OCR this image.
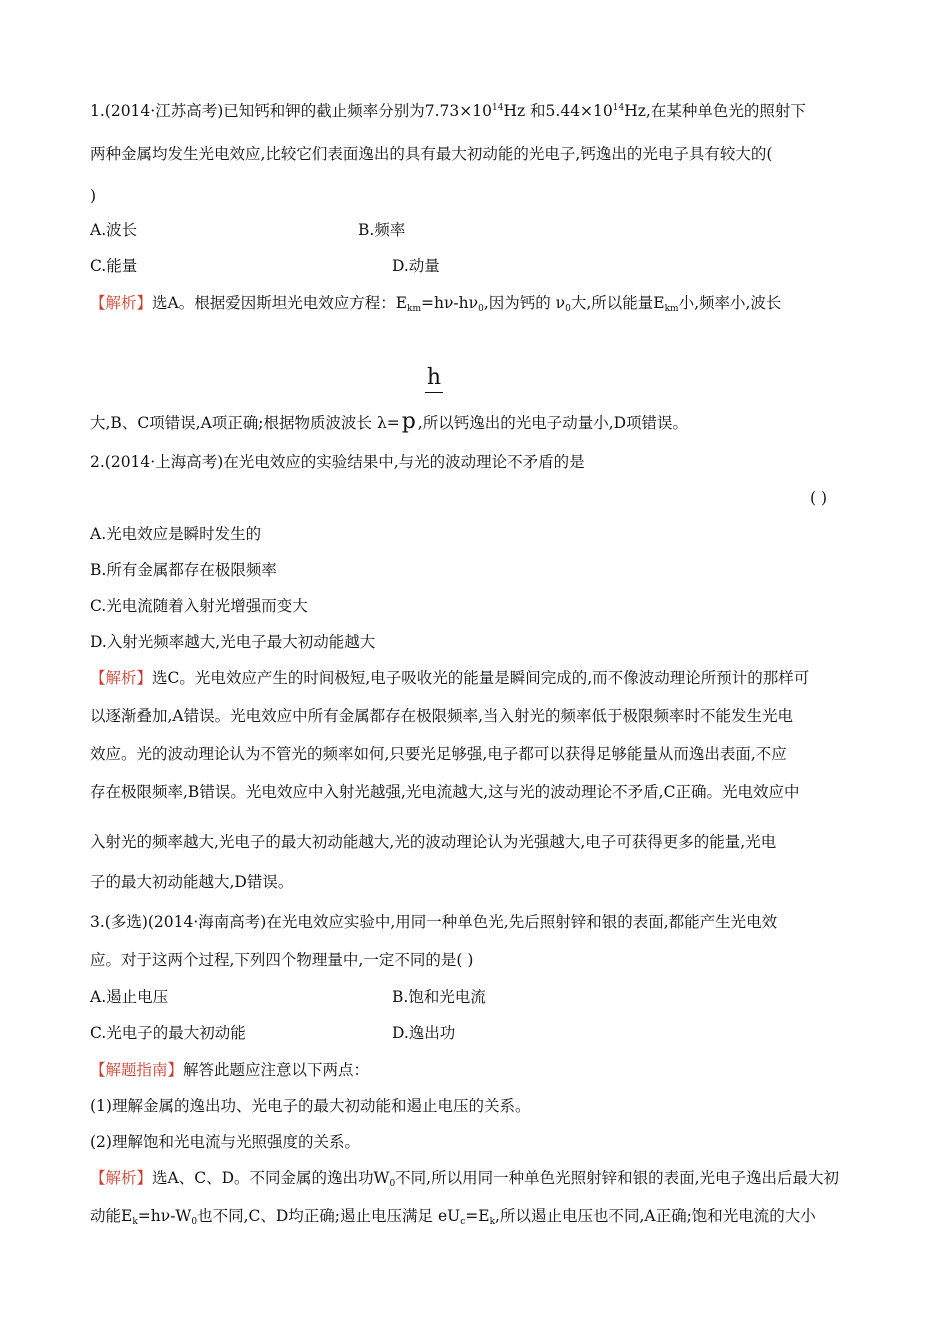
1.(2014·江苏高考)已知钙和钾的截止频率分别为$7.73\times 10^{14}Hz$ 和$5.44\times 10^{14}Hz$,在某种单色光的照射下
两种金属均发生光电效应,比较它们表面逸出的具有最大初动能的光电子,钙逸出的光电子具有较大的(
)
A.波长	B.频率
C.能量	D.动量
【解析】选A。根据爱因斯坦光电效应方程：$E_{km}=h\nu-h\nu_0$,因为钙的 $\nu_0$大,所以能量$E_{km}$小,频率小,波长
h
大,B、C项错误,A项正确;根据物质波波长 λ=p ,所以钙逸出的光电子动量小,D项错误。
2.(2014·上海高考)在光电效应的实验结果中,与光的波动理论不矛盾的是
( )
A.光电效应是瞬时发生的
B.所有金属都存在极限频率
C.光电流随着入射光增强而变大
D.入射光频率越大,光电子最大初动能越大
【解析】选C。光电效应产生的时间极短,电子吸收光的能量是瞬间完成的,而不像波动理论所预计的那样可
以逐渐叠加,A错误。光电效应中所有金属都存在极限频率,当入射光的频率低于极限频率时不能发生光电
效应。光的波动理论认为不管光的频率如何,只要光足够强,电子都可以获得足够能量从而逸出表面,不应
存在极限频率,B错误。光电效应中入射光越强,光电流越大,这与光的波动理论不矛盾,C正确。光电效应中
入射光的频率越大,光电子的最大初动能越大,光的波动理论认为光强越大,电子可获得更多的能量,光电
子的最大初动能越大,D错误。
3.(多选)(2014·海南高考)在光电效应实验中,用同一种单色光,先后照射锌和银的表面,都能产生光电效
应。对于这两个过程,下列四个物理量中,一定不同的是( )
A.遏止电压	B.饱和光电流
C.光电子的最大初动能	D.逸出功
【解题指南】解答此题应注意以下两点：
(1)理解金属的逸出功、光电子的最大初动能和遏止电压的关系。
(2)理解饱和光电流与光照强度的关系。
【解析】选A、C、D。不同金属的逸出功$W_0$不同,所以用同一种单色光照射锌和银的表面,光电子逸出后最大初
动能$E_k=h\nu-W_0$也不同,C、D均正确;遏止电压满足 $eU_c=E_k$,所以遏止电压也不同,A正确;饱和光电流的大小
